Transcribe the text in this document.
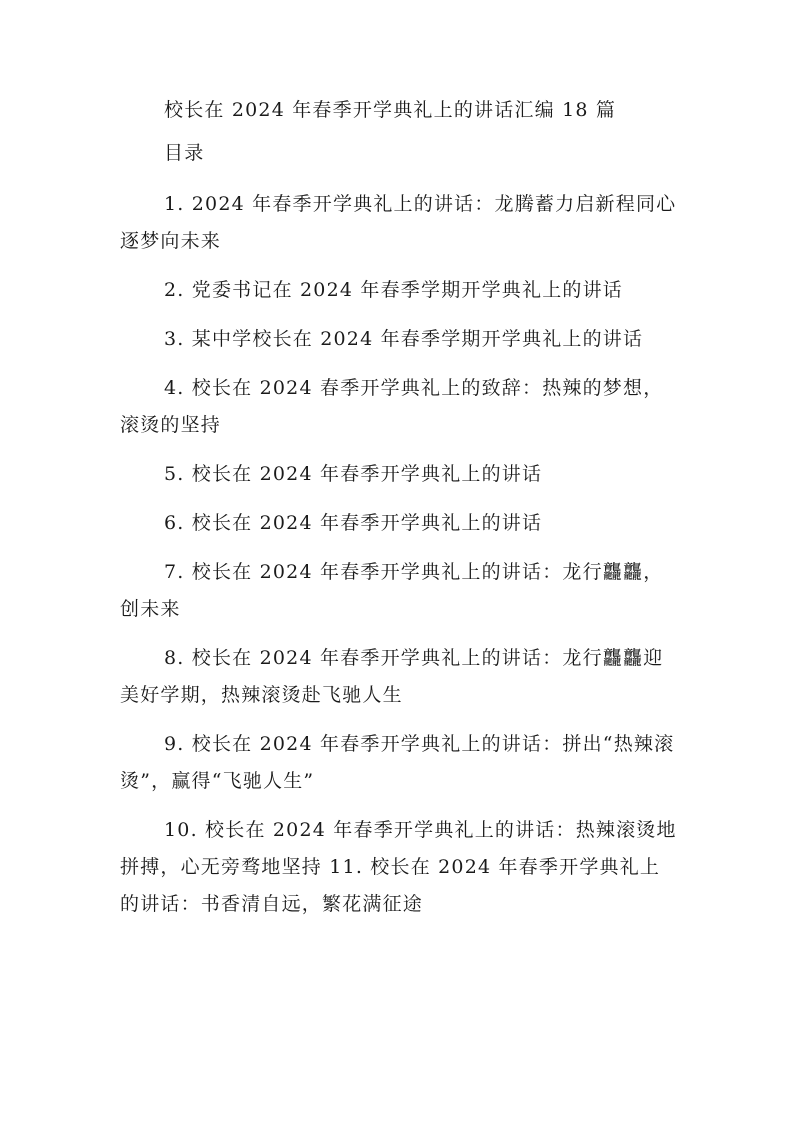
校长在 2024 年春季开学典礼上的讲话汇编 18 篇
目录
1. 2024 年春季开学典礼上的讲话：龙腾蓄力启新程同心逐梦向未来
2. 党委书记在 2024 年春季学期开学典礼上的讲话
3. 某中学校长在 2024 年春季学期开学典礼上的讲话
4. 校长在 2024 春季开学典礼上的致辞：热辣的梦想，滚烫的坚持
5. 校长在 2024 年春季开学典礼上的讲话
6. 校长在 2024 年春季开学典礼上的讲话
7. 校长在 2024 年春季开学典礼上的讲话：龙行龘龘，创未来
8. 校长在 2024 年春季开学典礼上的讲话：龙行龘龘迎美好学期，热辣滚烫赴飞驰人生
9. 校长在 2024 年春季开学典礼上的讲话：拼出“热辣滚烫”，赢得“飞驰人生”
10. 校长在 2024 年春季开学典礼上的讲话：热辣滚烫地拼搏，心无旁骛地坚持 11. 校长在 2024 年春季开学典礼上的讲话：书香清自远，繁花满征途
